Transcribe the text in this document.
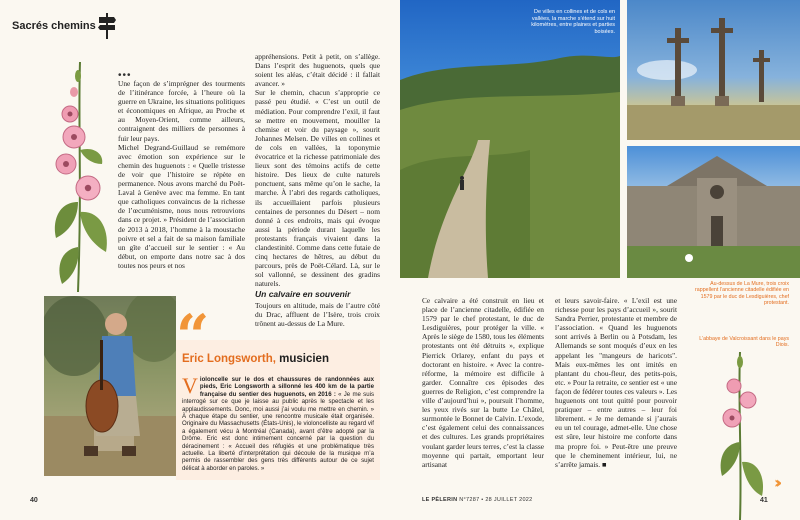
Sacrés chemins
•••

Une façon de s’imprégner des tourments de l’itinérance forcée, à l’heure où la guerre en Ukraine, les situations politiques et économiques en Afrique, au Proche et au Moyen-Orient, comme ailleurs, contraignent des milliers de personnes à fuir leur pays.

Michel Degrand-Guillaud se remémore avec émotion son expérience sur le chemin des huguenots : « Quelle tristesse de voir que l’histoire se répète en permanence. Nous avons marché du Poët-Laval à Genève avec ma femme. En tant que catholiques convaincus de la richesse de l’œcuménisme, nous nous retrouvions dans ce projet. » Président de l’association de 2013 à 2018, l’homme à la moustache poivre et sel a fait de sa maison familiale un gîte d’accueil sur le sentier : « Au début, on emporte dans notre sac à dos toutes nos peurs et nos

appréhensions. Petit à petit, on s’allège. Dans l’esprit des huguenots, quels que soient les aléas, c’était décidé : il fallait avancer. »

Sur le chemin, chacun s’approprie ce passé peu étudié. « C’est un outil de médiation. Pour comprendre l’exil, il faut se mettre en mouvement, mouiller la chemise et voir du paysage », sourit Johannes Melsen. De villes en collines et de cols en vallées, la toponymie évocatrice et la richesse patrimoniale des lieux sont des témoins actifs de cette histoire. Des lieux de culte naturels ponctuent, sans même qu’on le sache, la marche. À l’abri des regards catholiques, ils accueillaient parfois plusieurs centaines de personnes du Désert – nom donné à ces endroits, mais qui évoque aussi la période durant laquelle les protestants français vivaient dans la clandestinité. Comme dans cette futaie de cinq hectares de hêtres, au début du parcours, près de Poët-Célard. Là, sur le sol vallonné, se dessinent des gradins naturels.

Un calvaire en souvenir

Toujours en altitude, mais de l’autre côté du Drac, affluent de l’Isère, trois croix trônent au-dessus de La Mure.

“
Eric Longsworth, musicien
Violoncelle sur le dos et chaussures de randonnées aux pieds, Eric Longsworth a sillonné les 400 km de la partie française du sentier des huguenots, en 2016 : « Je me suis interrogé sur ce que je laisse au public après le spectacle et les applaudissements. Donc, moi aussi j’ai voulu me mettre en chemin. » À chaque étape du sentier, une rencontre musicale était organisée. Originaire du Massachusetts (États-Unis), le violoncelliste au regard vif a également vécu à Montréal (Canada), avant d’être adopté par la Drôme. Eric est donc intimement concerné par la question du déracinement : « Accueil des réfugiés et une problématique très actuelle. La liberté d’interprétation qui découle de la musique m’a permis de rassembler des gens très différents autour de ce sujet délicat à aborder en paroles. »
40
De villes en collines et de cols en vallées, la marche s’étend sur huit kilomètres, entre plaines et parties boisées.

Ce calvaire a été construit en lieu et place de l’ancienne citadelle, édifiée en 1579 par le chef protestant, le duc de Lesdiguières, pour protéger la ville. « Après le siège de 1580, tous les éléments protestants ont été détruits », explique Pierrick Orlarey, enfant du pays et doctorant en histoire. « Avec la contre-réforme, la mémoire est difficile à garder. Connaître ces épisodes des guerres de Religion, c’est comprendre la ville d’aujourd’hui », poursuit l’homme, les yeux rivés sur la butte Le Châtel, surmontée le Bonnet de Calvin. L’exode, c’est également celui des connaissances et des cultures. Les grands propriétaires voulant garder leurs terres, c’est la classe moyenne qui partait, emportant leur artisanat

et leurs savoir-faire. « L’exil est une richesse pour les pays d’accueil », sourit Sandra Perrier, protestante et membre de l’association. « Quand les huguenots sont arrivés à Berlin ou à Potsdam, les Allemands se sont moqués d’eux en les appelant les "mangeurs de haricots". Mais eux-mêmes les ont imités en plantant du chou-fleur, des petits-pois, etc. » Pour la retraite, ce sentier est « une façon de fédérer toutes ces valeurs ». Les huguenots ont tout quitté pour pouvoir pratiquer – entre autres – leur foi librement. « Je me demande si j’aurais eu un tel courage, admet-elle. Une chose est sûre, leur histoire me conforte dans ma propre foi. » Peut-être une preuve que le cheminement intérieur, lui, ne s’arrête jamais. ■

Au-dessus de La Mure, trois croix rappellent l’ancienne citadelle édifiée en 1579 par le duc de Lesdiguières, chef protestant.
L’abbaye de Valcroissant dans le pays Diois.
LE PÈLERIN N°7287 • 28 JUILLET 2022	41
››
